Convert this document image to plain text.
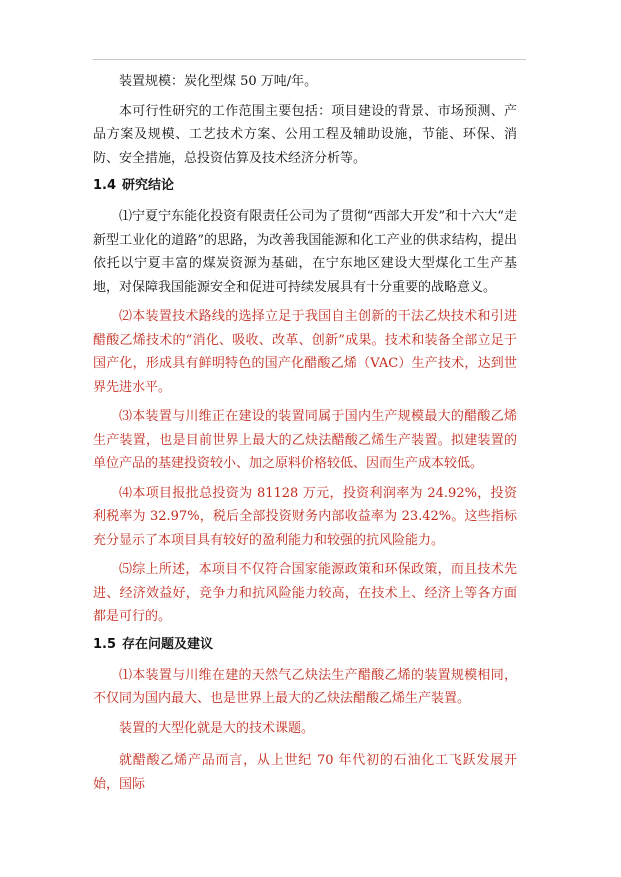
装置规模：炭化型煤 50 万吨/年。

本可行性研究的工作范围主要包括：项目建设的背景、市场预测、产品方案及规模、工艺技术方案、公用工程及辅助设施，节能、环保、消防、安全措施，总投资估算及技术经济分析等。

1.4 研究结论

⑴宁夏宁东能化投资有限责任公司为了贯彻“西部大开发”和十六大“走新型工业化的道路”的思路，为改善我国能源和化工产业的供求结构，提出依托以宁夏丰富的煤炭资源为基础，在宁东地区建设大型煤化工生产基地，对保障我国能源安全和促进可持续发展具有十分重要的战略意义。

⑵本装置技术路线的选择立足于我国自主创新的干法乙炔技术和引进醋酸乙烯技术的“消化、吸收、改革、创新”成果。技术和装备全部立足于国产化，形成具有鲜明特色的国产化醋酸乙烯（VAC）生产技术，达到世界先进水平。

⑶本装置与川维正在建设的装置同属于国内生产规模最大的醋酸乙烯生产装置，也是目前世界上最大的乙炔法醋酸乙烯生产装置。拟建装置的单位产品的基建投资较小、加之原料价格较低、因而生产成本较低。

⑷本项目报批总投资为 81128 万元，投资利润率为 24.92%，投资利税率为 32.97%，税后全部投资财务内部收益率为 23.42%。这些指标充分显示了本项目具有较好的盈利能力和较强的抗风险能力。

⑸综上所述，本项目不仅符合国家能源政策和环保政策，而且技术先进、经济效益好，竞争力和抗风险能力较高，在技术上、经济上等各方面都是可行的。

1.5 存在问题及建议

⑴本装置与川维在建的天然气乙炔法生产醋酸乙烯的装置规模相同，不仅同为国内最大、也是世界上最大的乙炔法醋酸乙烯生产装置。

装置的大型化就是大的技术课题。

就醋酸乙烯产品而言，从上世纪 70 年代初的石油化工飞跃发展开始，国际
